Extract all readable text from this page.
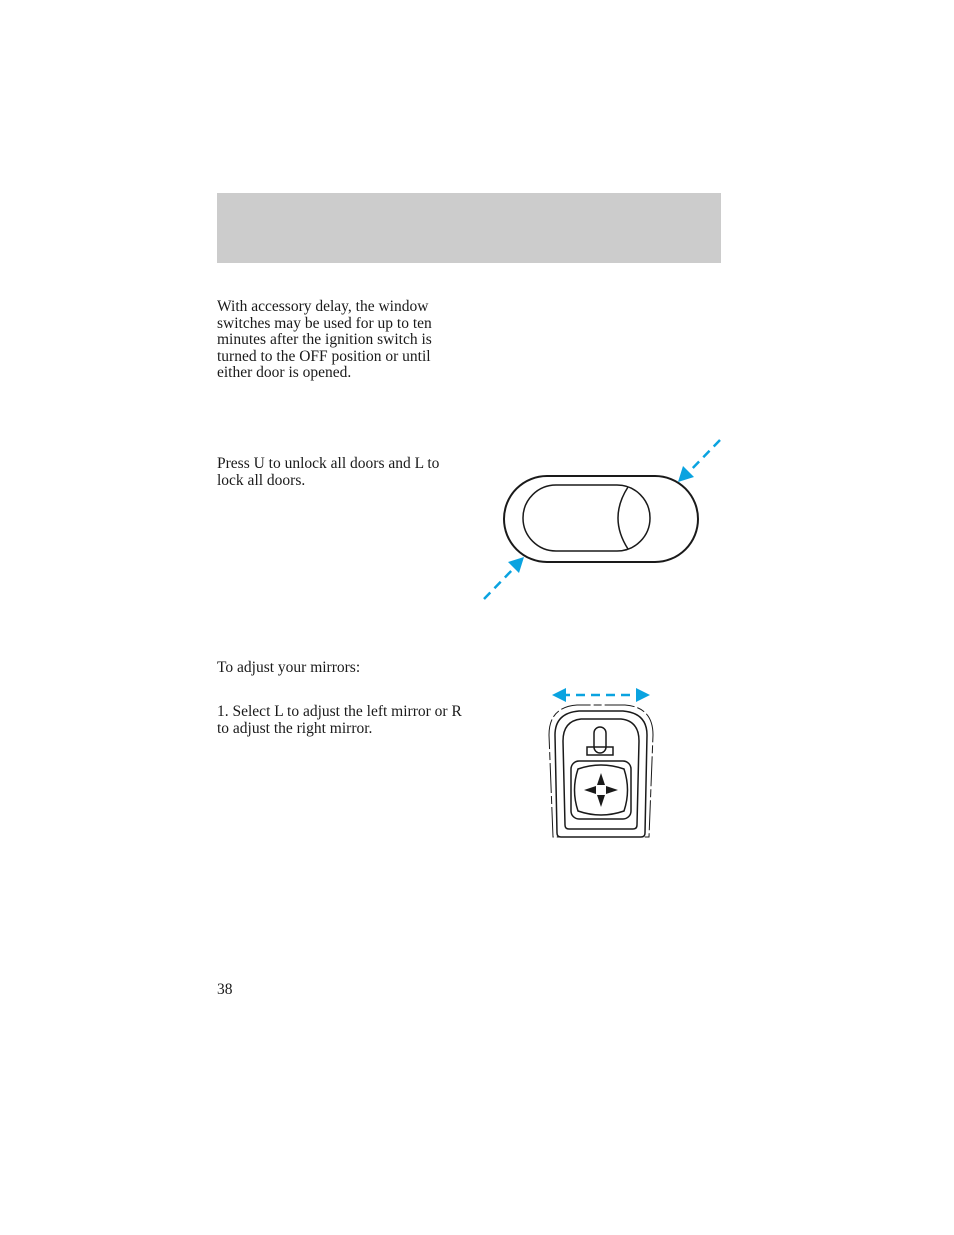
With accessory delay, the window switches may be used for up to ten minutes after the ignition switch is turned to the OFF position or until either door is opened.

Press U to unlock all doors and L to lock all doors.

To adjust your mirrors:

1. Select L to adjust the left mirror or R to adjust the right mirror.

38
